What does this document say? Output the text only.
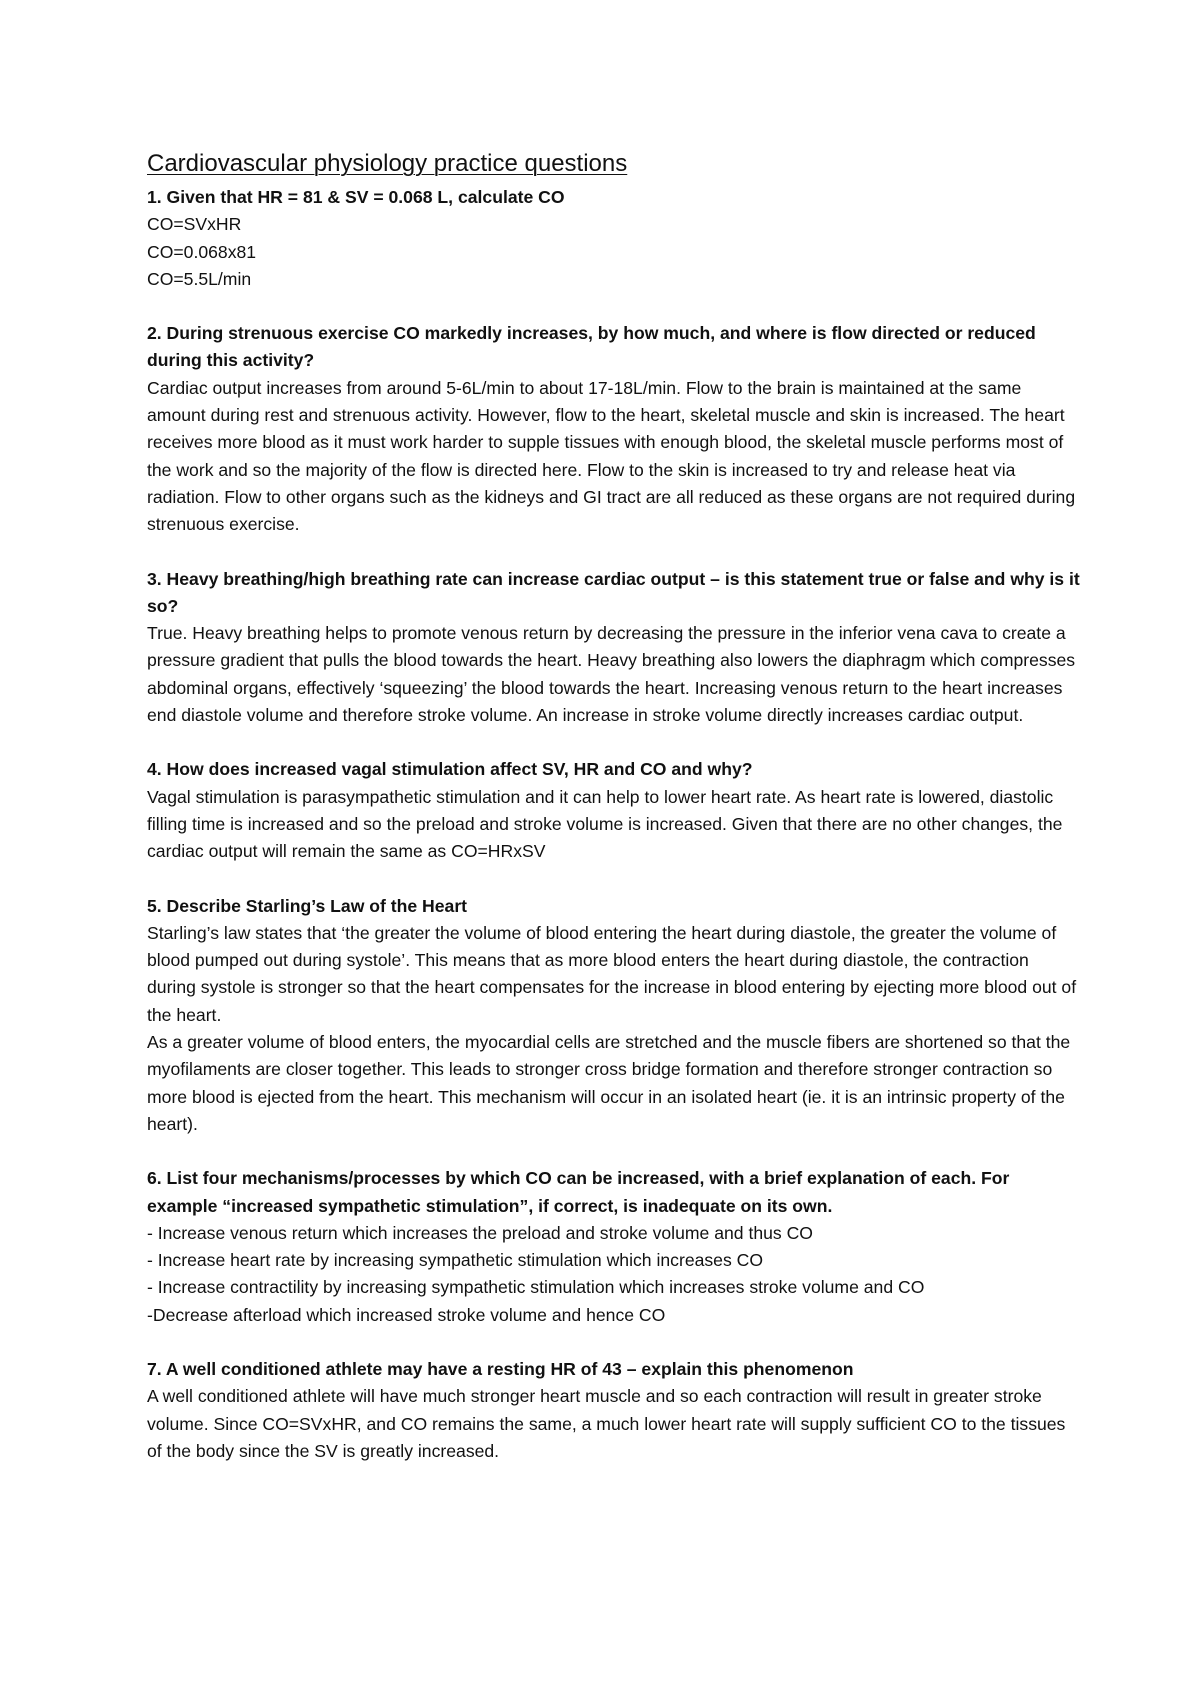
Cardiovascular physiology practice questions

1. Given that HR = 81 & SV = 0.068 L, calculate CO

CO=SVxHR

CO=0.068x81

CO=5.5L/min

2. During strenuous exercise CO markedly increases, by how much, and where is flow directed or reduced during this activity?

Cardiac output increases from around 5-6L/min to about 17-18L/min. Flow to the brain is maintained at the same amount during rest and strenuous activity. However, flow to the heart, skeletal muscle and skin is increased. The heart receives more blood as it must work harder to supple tissues with enough blood, the skeletal muscle performs most of the work and so the majority of the flow is directed here. Flow to the skin is increased to try and release heat via radiation. Flow to other organs such as the kidneys and GI tract are all reduced as these organs are not required during strenuous exercise.

3. Heavy breathing/high breathing rate can increase cardiac output – is this statement true or false and why is it so?

True. Heavy breathing helps to promote venous return by decreasing the pressure in the inferior vena cava to create a pressure gradient that pulls the blood towards the heart. Heavy breathing also lowers the diaphragm which compresses abdominal organs, effectively ‘squeezing’ the blood towards the heart. Increasing venous return to the heart increases end diastole volume and therefore stroke volume. An increase in stroke volume directly increases cardiac output.

4. How does increased vagal stimulation affect SV, HR and CO and why?

Vagal stimulation is parasympathetic stimulation and it can help to lower heart rate. As heart rate is lowered, diastolic filling time is increased and so the preload and stroke volume is increased. Given that there are no other changes, the cardiac output will remain the same as CO=HRxSV

5. Describe Starling’s Law of the Heart

Starling’s law states that ‘the greater the volume of blood entering the heart during diastole, the greater the volume of blood pumped out during systole’. This means that as more blood enters the heart during diastole, the contraction during systole is stronger so that the heart compensates for the increase in blood entering by ejecting more blood out of the heart.

As a greater volume of blood enters, the myocardial cells are stretched and the muscle fibers are shortened so that the myofilaments are closer together. This leads to stronger cross bridge formation and therefore stronger contraction so more blood is ejected from the heart. This mechanism will occur in an isolated heart (ie. it is an intrinsic property of the heart).

6. List four mechanisms/processes by which CO can be increased, with a brief explanation of each. For example “increased sympathetic stimulation”, if correct, is inadequate on its own.

- Increase venous return which increases the preload and stroke volume and thus CO

- Increase heart rate by increasing sympathetic stimulation which increases CO

- Increase contractility by increasing sympathetic stimulation which increases stroke volume and CO

-Decrease afterload which increased stroke volume and hence CO

7. A well conditioned athlete may have a resting HR of 43 – explain this phenomenon

A well conditioned athlete will have much stronger heart muscle and so each contraction will result in greater stroke volume. Since CO=SVxHR, and CO remains the same, a much lower heart rate will supply sufficient CO to the tissues of the body since the SV is greatly increased.
